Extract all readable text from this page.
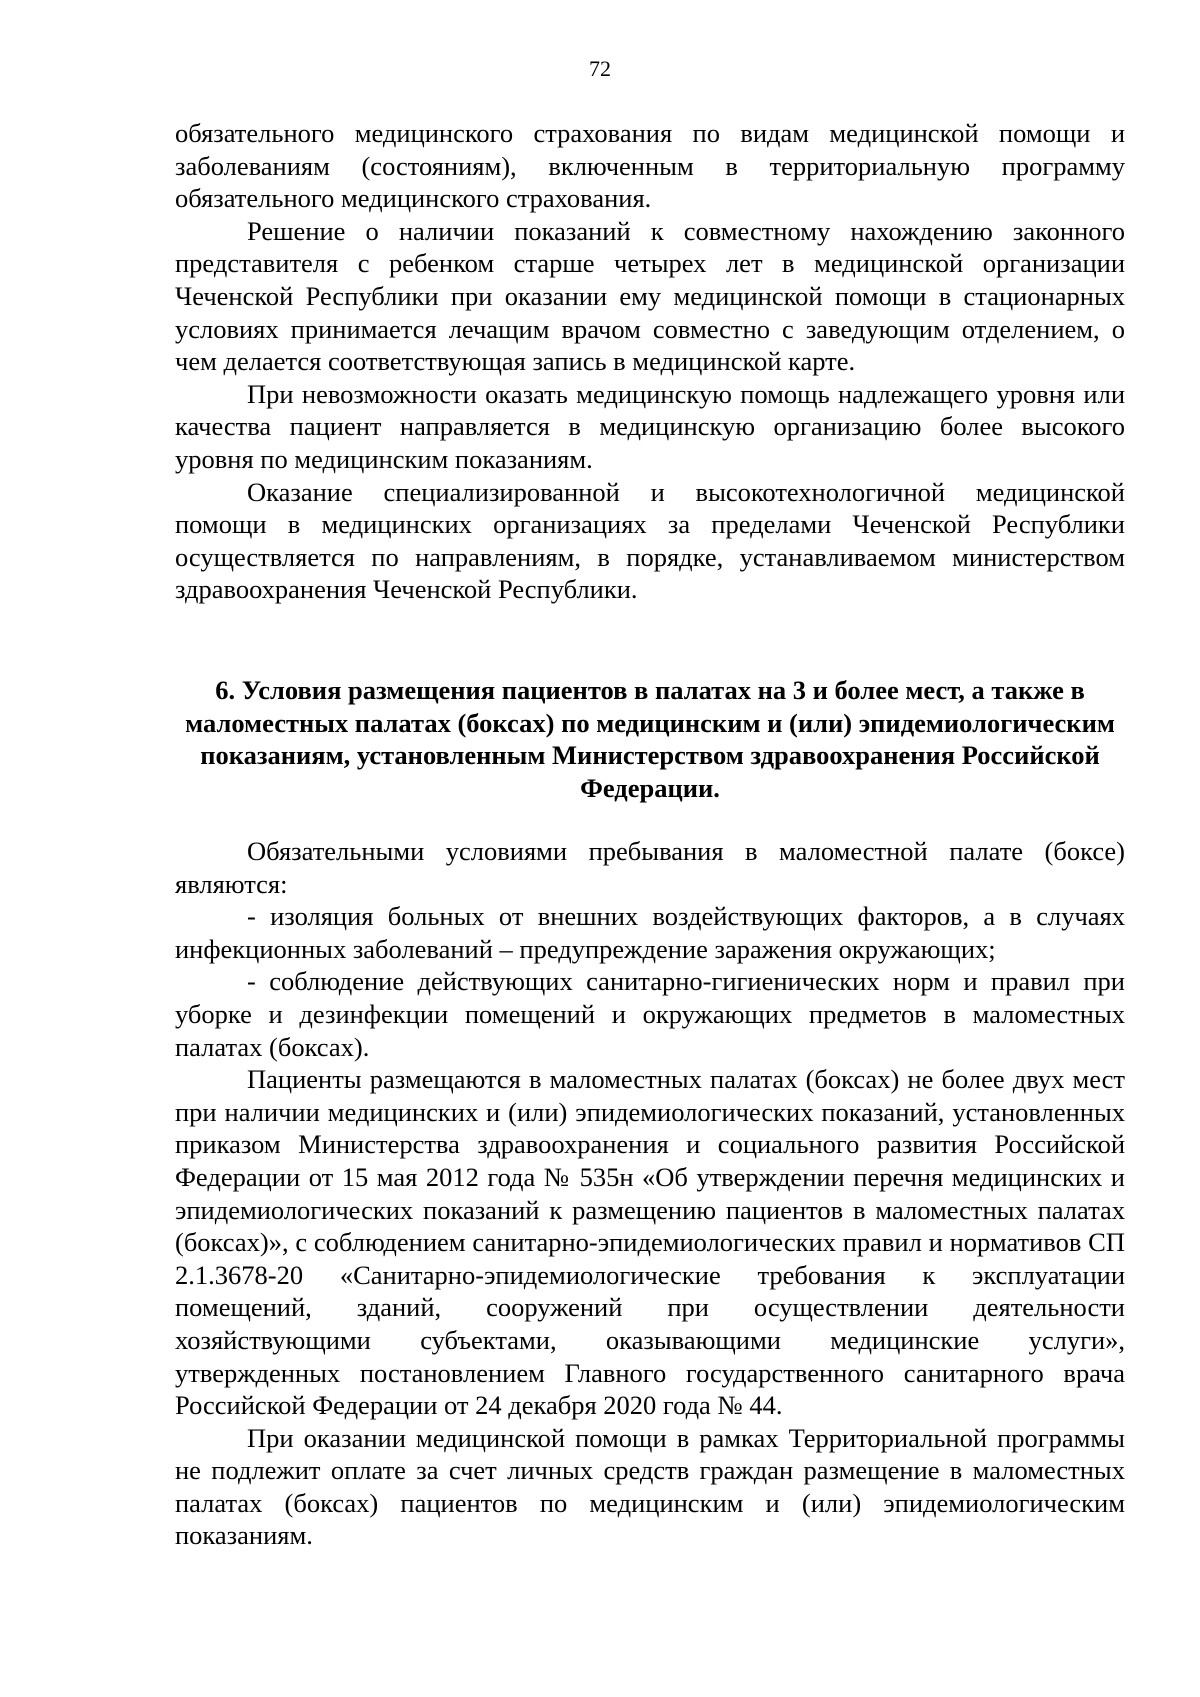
72

обязательного медицинского страхования по видам медицинской помощи и заболеваниям (состояниям), включенным в территориальную программу обязательного медицинского страхования.

Решение о наличии показаний к совместному нахождению законного представителя с ребенком старше четырех лет в медицинской организации Чеченской Республики при оказании ему медицинской помощи в стационарных условиях принимается лечащим врачом совместно с заведующим отделением, о чем делается соответствующая запись в медицинской карте.

При невозможности оказать медицинскую помощь надлежащего уровня или качества пациент направляется в медицинскую организацию более высокого уровня по медицинским показаниям.

Оказание специализированной и высокотехнологичной медицинской помощи в медицинских организациях за пределами Чеченской Республики осуществляется по направлениям, в порядке, устанавливаемом министерством здравоохранения Чеченской Республики.

6. Условия размещения пациентов в палатах на 3 и более мест, а также в маломестных палатах (боксах) по медицинским и (или) эпидемиологическим показаниям, установленным Министерством здравоохранения Российской Федерации.

Обязательными условиями пребывания в маломестной палате (боксе) являются:

- изоляция больных от внешних воздействующих факторов, а в случаях инфекционных заболеваний – предупреждение заражения окружающих;

- соблюдение действующих санитарно-гигиенических норм и правил при уборке и дезинфекции помещений и окружающих предметов в маломестных палатах (боксах).

Пациенты размещаются в маломестных палатах (боксах) не более двух мест при наличии медицинских и (или) эпидемиологических показаний, установленных приказом Министерства здравоохранения и социального развития Российской Федерации от 15 мая 2012 года № 535н «Об утверждении перечня медицинских и эпидемиологических показаний к размещению пациентов в маломестных палатах (боксах)», с соблюдением санитарно-эпидемиологических правил и нормативов СП 2.1.3678-20 «Санитарно-эпидемиологические требования к эксплуатации помещений, зданий, сооружений при осуществлении деятельности хозяйствующими субъектами, оказывающими медицинские услуги», утвержденных постановлением Главного государственного санитарного врача Российской Федерации от 24 декабря 2020 года № 44.

При оказании медицинской помощи в рамках Территориальной программы не подлежит оплате за счет личных средств граждан размещение в маломестных палатах (боксах) пациентов по медицинским и (или) эпидемиологическим показаниям.
